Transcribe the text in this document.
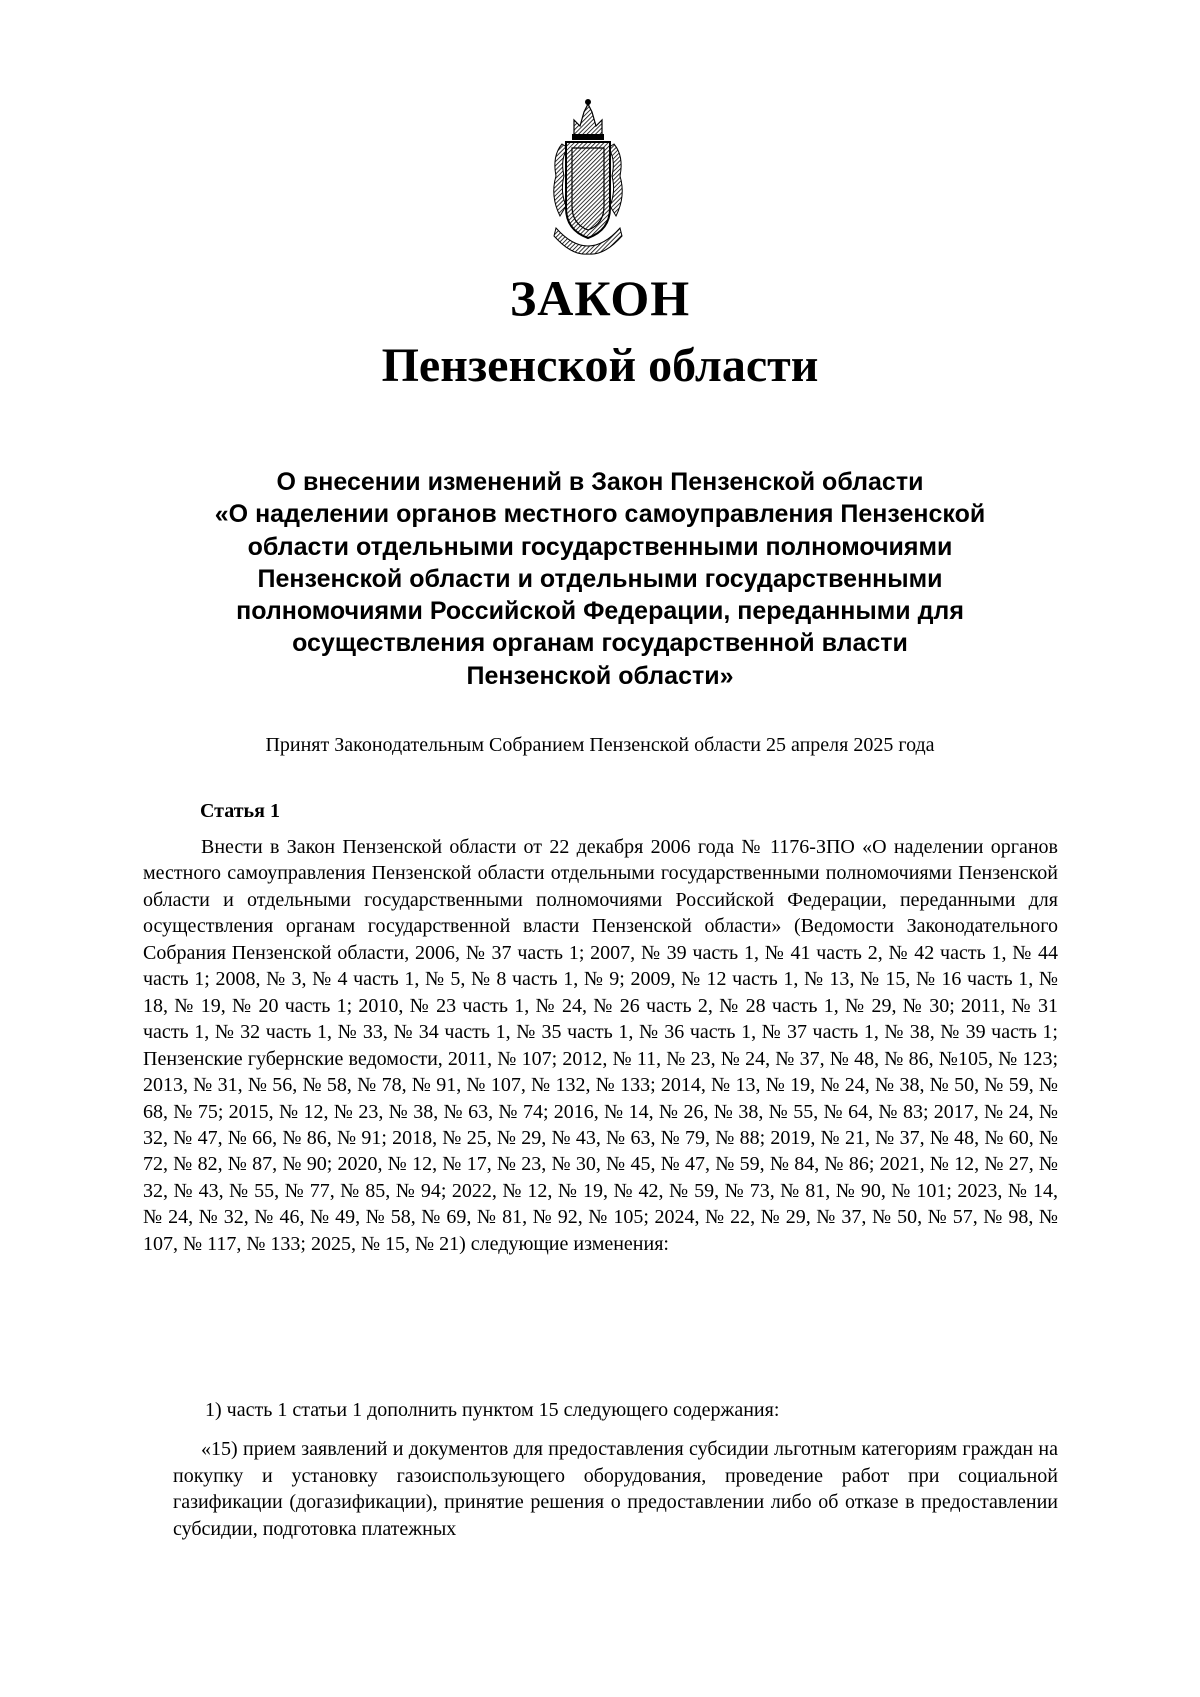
ЗАКОН
Пензенской области
О внесении изменений в Закон Пензенской области
«О наделении органов местного самоуправления Пензенской
области отдельными государственными полномочиями
Пензенской области и отдельными государственными
полномочиями Российской Федерации, переданными для
осуществления органам государственной власти
Пензенской области»
Принят Законодательным Собранием Пензенской области 25 апреля 2025 года
Статья 1

Внести в Закон Пензенской области от 22 декабря 2006 года № 1176-ЗПО «О наделении органов местного самоуправления Пензенской области отдельными государственными полномочиями Пензенской области и отдельными государственными полномочиями Российской Федерации, переданными для осуществления органам государственной власти Пензенской области» (Ведомости Законодательного Собрания Пензенской области, 2006, № 37 часть 1; 2007, № 39 часть 1, № 41 часть 2, № 42 часть 1, № 44 часть 1; 2008, № 3, № 4 часть 1, № 5, № 8 часть 1, № 9; 2009, № 12 часть 1, № 13, № 15, № 16 часть 1, № 18, № 19, № 20 часть 1; 2010, № 23 часть 1, № 24, № 26 часть 2, № 28 часть 1, № 29, № 30; 2011, № 31 часть 1, № 32 часть 1, № 33, № 34 часть 1, № 35 часть 1, № 36 часть 1, № 37 часть 1, № 38, № 39 часть 1; Пензенские губернские ведомости, 2011, № 107; 2012, № 11, № 23, № 24, № 37, № 48, № 86, №105, № 123; 2013, № 31, № 56, № 58, № 78, № 91, № 107, № 132, № 133; 2014, № 13, № 19, № 24, № 38, № 50, № 59, № 68, № 75; 2015, № 12, № 23, № 38, № 63, № 74; 2016, № 14, № 26, № 38, № 55, № 64, № 83; 2017, № 24, № 32, № 47, № 66, № 86, № 91; 2018, № 25, № 29, № 43, № 63, № 79, № 88; 2019, № 21, № 37, № 48, № 60, № 72, № 82, № 87, № 90; 2020, № 12, № 17, № 23, № 30, № 45, № 47, № 59, № 84, № 86; 2021, № 12, № 27, № 32, № 43, № 55, № 77, № 85, № 94; 2022, № 12, № 19, № 42, № 59, № 73, № 81, № 90, № 101; 2023, № 14, № 24, № 32, № 46, № 49, № 58, № 69, № 81, № 92, № 105; 2024, № 22, № 29, № 37, № 50, № 57, № 98, № 107, № 117, № 133; 2025, № 15, № 21) следующие изменения:

1) часть 1 статьи 1 дополнить пунктом 15 следующего содержания:

«15) прием заявлений и документов для предоставления субсидии льготным категориям граждан на покупку и установку газоиспользующего оборудования, проведение работ при социальной газификации (догазификации), принятие решения о предоставлении либо об отказе в предоставлении субсидии, подготовка платежных
